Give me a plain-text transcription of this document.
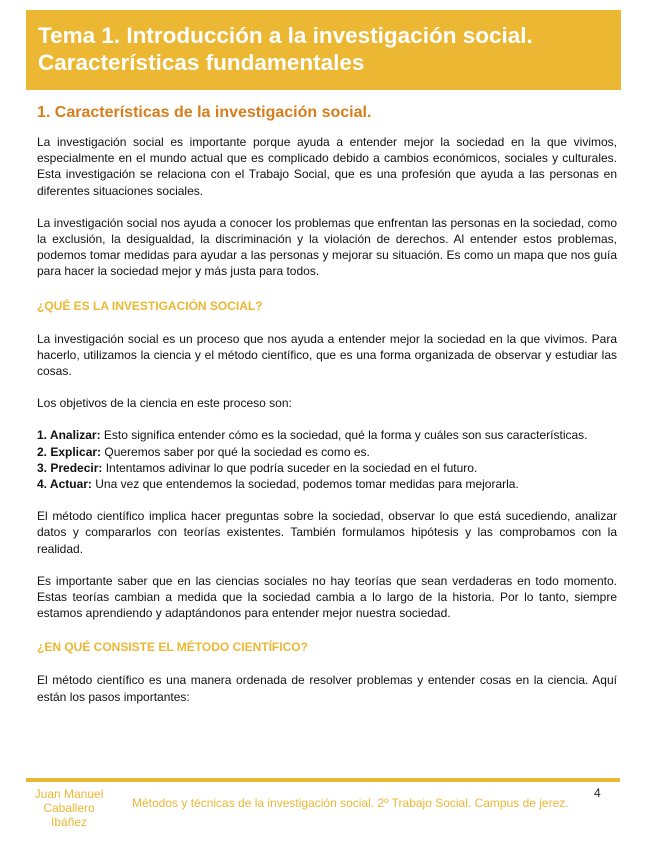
Tema 1. Introducción a la investigación social.
Características fundamentales
1. Características de la investigación social.

La investigación social es importante porque ayuda a entender mejor la sociedad en la que vivimos, especialmente en el mundo actual que es complicado debido a cambios económicos, sociales y culturales. Esta investigación se relaciona con el Trabajo Social, que es una profesión que ayuda a las personas en diferentes situaciones sociales.

La investigación social nos ayuda a conocer los problemas que enfrentan las personas en la sociedad, como la exclusión, la desigualdad, la discriminación y la violación de derechos. Al entender estos problemas, podemos tomar medidas para ayudar a las personas y mejorar su situación. Es como un mapa que nos guía para hacer la sociedad mejor y más justa para todos.

¿QUÉ ES LA INVESTIGACIÓN SOCIAL?

La investigación social es un proceso que nos ayuda a entender mejor la sociedad en la que vivimos. Para hacerlo, utilizamos la ciencia y el método científico, que es una forma organizada de observar y estudiar las cosas.

Los objetivos de la ciencia en este proceso son:

1. Analizar: Esto significa entender cómo es la sociedad, qué la forma y cuáles son sus características.
2. Explicar: Queremos saber por qué la sociedad es como es.
3. Predecir: Intentamos adivinar lo que podría suceder en la sociedad en el futuro.
4. Actuar: Una vez que entendemos la sociedad, podemos tomar medidas para mejorarla.

El método científico implica hacer preguntas sobre la sociedad, observar lo que está sucediendo, analizar datos y compararlos con teorías existentes. También formulamos hipótesis y las comprobamos con la realidad.

Es importante saber que en las ciencias sociales no hay teorías que sean verdaderas en todo momento. Estas teorías cambian a medida que la sociedad cambia a lo largo de la historia. Por lo tanto, siempre estamos aprendiendo y adaptándonos para entender mejor nuestra sociedad.

¿EN QUÉ CONSISTE EL MÉTODO CIENTÍFICO?

El método científico es una manera ordenada de resolver problemas y entender cosas en la ciencia. Aquí están los pasos importantes:

Juan Manuel
Caballero
Ibáñez
Métodos y técnicas de la investigación social. 2º Trabajo Social. Campus de jerez.
4
